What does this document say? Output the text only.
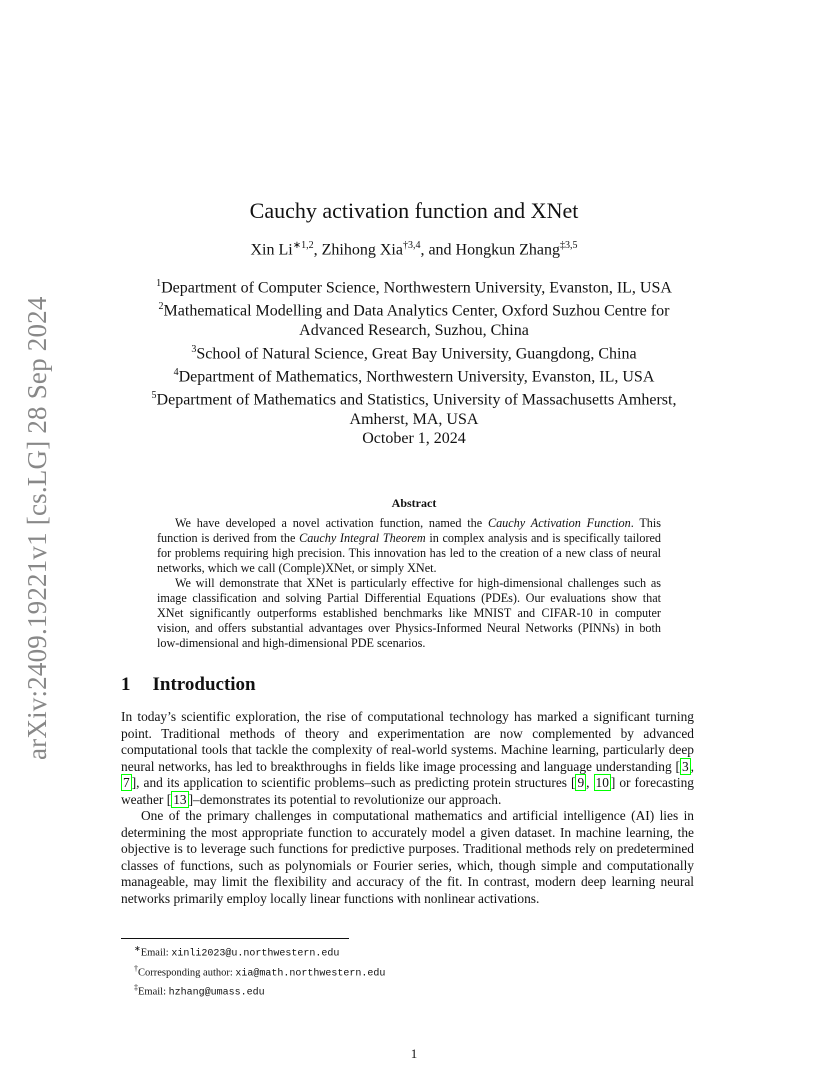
arXiv:2409.19221v1 [cs.LG] 28 Sep 2024
Cauchy activation function and XNet
Xin $Li^{∗1,2}$, Zhihong Xia$^{\dagger 3,4}$, and Hongkun Zhang$^{\ddagger 3,5}$
$^1$Department of Computer Science, Northwestern University, Evanston, IL, USA
$^2$Mathematical Modelling and Data Analytics Center, Oxford Suzhou Centre for
Advanced Research, Suzhou, China
$^3$School of Natural Science, Great Bay University, Guangdong, China
$^4$Department of Mathematics, Northwestern University, Evanston, IL, USA
$^5$Department of Mathematics and Statistics, University of Massachusetts Amherst,
Amherst, MA, USA
October 1, 2024
Abstract

We have developed a novel activation function, named the Cauchy Activation Function. This function is derived from the Cauchy Integral Theorem in complex analysis and is specifically tailored for problems requiring high precision. This innovation has led to the creation of a new class of neural networks, which we call (Comple)XNet, or simply XNet.

We will demonstrate that XNet is particularly effective for high-dimensional challenges such as image classification and solving Partial Differential Equations (PDEs). Our evaluations show that XNet significantly outperforms established benchmarks like MNIST and CIFAR-10 in computer vision, and offers substantial advantages over Physics-Informed Neural Networks (PINNs) in both low-dimensional and high-dimensional PDE scenarios.

1 Introduction

In today’s scientific exploration, the rise of computational technology has marked a significant turning point. Traditional methods of theory and experimentation are now complemented by advanced computational tools that tackle the complexity of real-world systems. Machine learning, particularly deep neural networks, has led to breakthroughs in fields like image processing and language understanding [ 3 , 7 ], and its application to scientific problems–such as predicting protein structures [ 9 , 10 ] or forecasting weather [ 13 ]–demonstrates its potential to revolutionize our approach.

One of the primary challenges in computational mathematics and artificial intelligence (AI) lies in determining the most appropriate function to accurately model a given dataset. In machine learning, the objective is to leverage such functions for predictive purposes. Traditional methods rely on predetermined classes of functions, such as polynomials or Fourier series, which, though simple and computationally manageable, may limit the flexibility and accuracy of the fit. In contrast, modern deep learning neural networks primarily employ locally linear functions with nonlinear activations.

∗Email: xinli2023@u.northwestern.edu
†Corresponding author: xia@math.northwestern.edu
‡Email: hzhang@umass.edu
1
